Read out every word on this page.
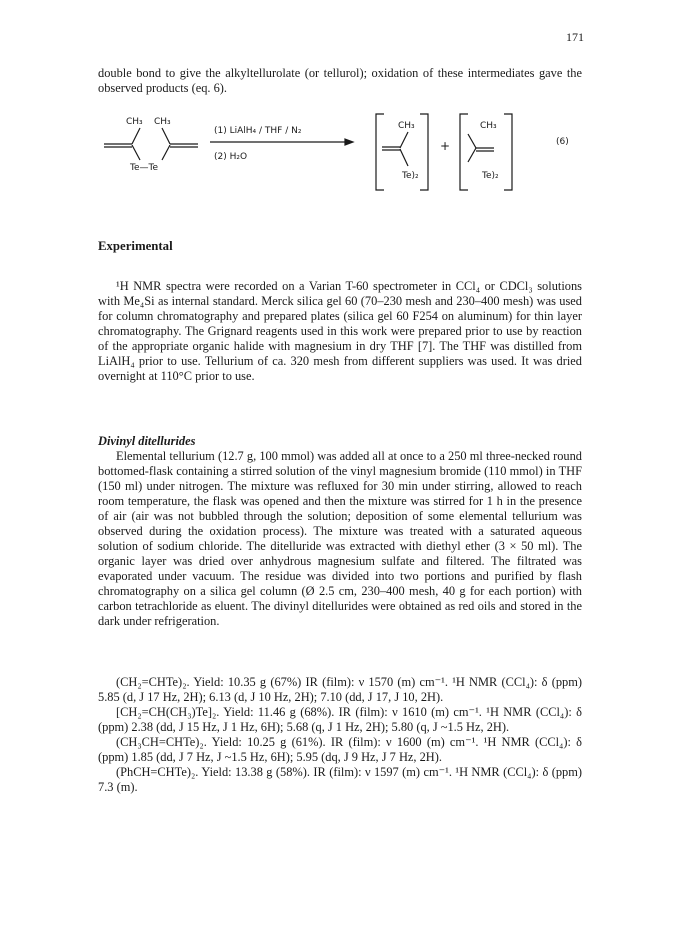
171

double bond to give the alkyltellurolate (or tellurol); oxidation of these intermediates gave the observed products (eq. 6).

CH₃ CH₃
Te—Te
(1) LiAlH₄ / THF / N₂
(2) H₂O
CH₃
Te)₂
+
CH₃
Te)₂
(6)
Experimental

¹H NMR spectra were recorded on a Varian T-60 spectrometer in CCl₄ or CDCl₃ solutions with Me₄Si as internal standard. Merck silica gel 60 (70–230 mesh and 230–400 mesh) was used for column chromatography and prepared plates (silica gel 60 F254 on aluminum) for thin layer chromatography. The Grignard reagents used in this work were prepared prior to use by reaction of the appropriate organic halide with magnesium in dry THF [7]. The THF was distilled from LiAlH₄ prior to use. Tellurium of ca. 320 mesh from different suppliers was used. It was dried overnight at 110°C prior to use.

Divinyl ditellurides

Elemental tellurium (12.7 g, 100 mmol) was added all at once to a 250 ml three-necked round bottomed-flask containing a stirred solution of the vinyl magnesium bromide (110 mmol) in THF (150 ml) under nitrogen. The mixture was refluxed for 30 min under stirring, allowed to reach room temperature, the flask was opened and then the mixture was stirred for 1 h in the presence of air (air was not bubbled through the solution; deposition of some elemental tellurium was observed during the oxidation process). The mixture was treated with a saturated aqueous solution of sodium chloride. The ditelluride was extracted with diethyl ether (3 × 50 ml). The organic layer was dried over anhydrous magnesium sulfate and filtered. The filtrated was evaporated under vacuum. The residue was divided into two portions and purified by flash chromatography on a silica gel column (Ø 2.5 cm, 230–400 mesh, 40 g for each portion) with carbon tetrachloride as eluent. The divinyl ditellurides were obtained as red oils and stored in the dark under refrigeration.

(CH₂=CHTe)₂. Yield: 10.35 g (67%) IR (film): ν 1570 (m) cm⁻¹. ¹H NMR (CCl₄): δ (ppm) 5.85 (d, J 17 Hz, 2H); 6.13 (d, J 10 Hz, 2H); 7.10 (dd, J 17, J 10, 2H).

[CH₂=CH(CH₃)Te]₂. Yield: 11.46 g (68%). IR (film): ν 1610 (m) cm⁻¹. ¹H NMR (CCl₄): δ (ppm) 2.38 (dd, J 15 Hz, J 1 Hz, 6H); 5.68 (q, J 1 Hz, 2H); 5.80 (q, J ~1.5 Hz, 2H).

(CH₃CH=CHTe)₂. Yield: 10.25 g (61%). IR (film): ν 1600 (m) cm⁻¹. ¹H NMR (CCl₄): δ (ppm) 1.85 (dd, J 7 Hz, J ~1.5 Hz, 6H); 5.95 (dq, J 9 Hz, J 7 Hz, 2H).

(PhCH=CHTe)₂. Yield: 13.38 g (58%). IR (film): ν 1597 (m) cm⁻¹. ¹H NMR (CCl₄): δ (ppm) 7.3 (m).
